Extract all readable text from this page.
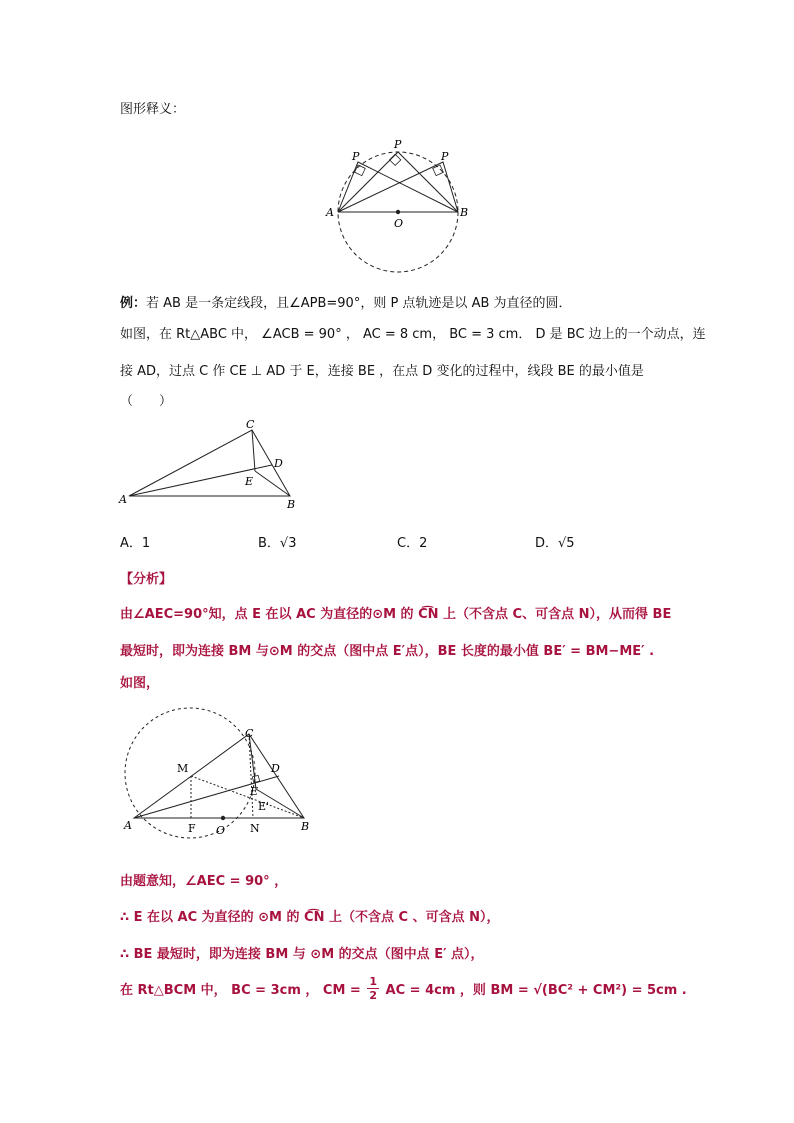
图形释义：
P
P
P
A	B
O
例：若 AB 是一条定线段，且∠APB=90°，则 P 点轨迹是以 AB 为直径的圆．
如图，在 Rt△ABC 中， ∠ACB = 90° ， AC = 8 cm， BC = 3 cm． D 是 BC 边上的一个动点，连
接 AD，过点 C 作 CE ⊥ AD 于 E，连接 BE ，在点 D 变化的过程中，线段 BE 的最小值是
（　　）
C
D
E
A	B
A．1	B．√3	C．2	D．√5
【分析】
由∠AEC=90°知，点 E 在以 AC 为直径的⊙M 的 C͡N 上（不含点 C、可含点 N），从而得 BE
最短时，即为连接 BM 与⊙M 的交点（图中点 E′点），BE 长度的最小值 BE′ = BM−ME′ .
如图，
C
M	D
E
E'
A	F O N	B
由题意知，∠AEC = 90° ，
∴ E 在以 AC 为直径的 ⊙M 的 C͡N 上（不含点 C 、可含点 N），
∴ BE 最短时，即为连接 BM 与 ⊙M 的交点（图中点 E′ 点），
在 Rt△BCM 中， BC = 3cm ， CM = $\frac{1}{2}$ AC = 4cm ，则 BM = √(BC² + CM²) = 5cm .
